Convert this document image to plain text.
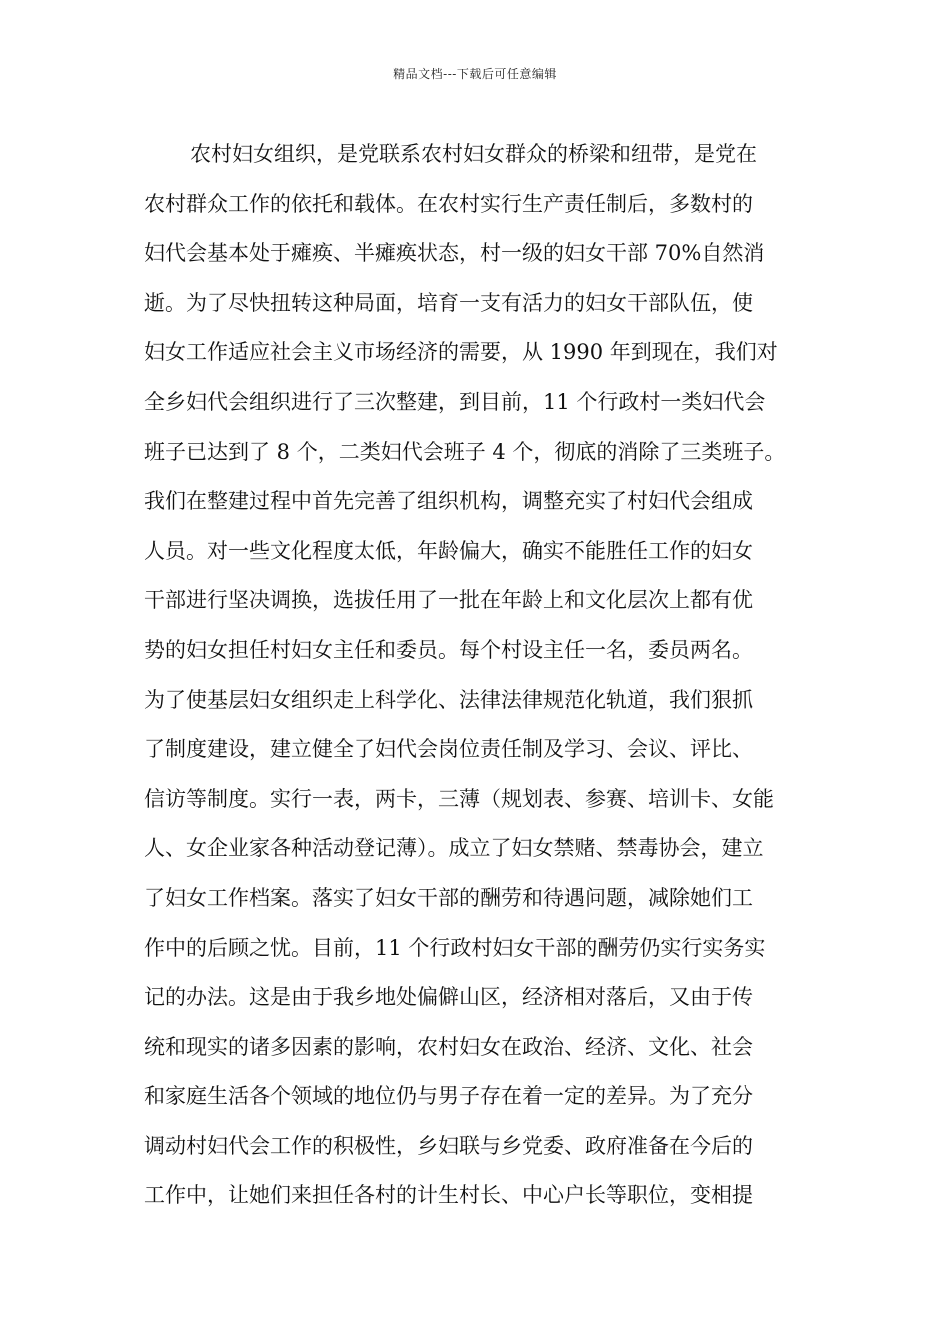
精品文档---下载后可任意编辑
农村妇女组织，是党联系农村妇女群众的桥梁和纽带，是党在
农村群众工作的依托和载体。在农村实行生产责任制后，多数村的
妇代会基本处于瘫痪、半瘫痪状态，村一级的妇女干部 70%自然消
逝。为了尽快扭转这种局面，培育一支有活力的妇女干部队伍，使
妇女工作适应社会主义市场经济的需要，从 1990 年到现在，我们对
全乡妇代会组织进行了三次整建，到目前，11 个行政村一类妇代会
班子已达到了 8 个，二类妇代会班子 4 个，彻底的消除了三类班子。
我们在整建过程中首先完善了组织机构，调整充实了村妇代会组成
人员。对一些文化程度太低，年龄偏大，确实不能胜任工作的妇女
干部进行坚决调换，选拔任用了一批在年龄上和文化层次上都有优
势的妇女担任村妇女主任和委员。每个村设主任一名，委员两名。
为了使基层妇女组织走上科学化、法律法律规范化轨道，我们狠抓
了制度建设，建立健全了妇代会岗位责任制及学习、会议、评比、
信访等制度。实行一表，两卡，三薄（规划表、参赛、培训卡、女能
人、女企业家各种活动登记薄）。成立了妇女禁赌、禁毒协会，建立
了妇女工作档案。落实了妇女干部的酬劳和待遇问题，减除她们工
作中的后顾之忧。目前，11 个行政村妇女干部的酬劳仍实行实务实
记的办法。这是由于我乡地处偏僻山区，经济相对落后，又由于传
统和现实的诸多因素的影响，农村妇女在政治、经济、文化、社会
和家庭生活各个领域的地位仍与男子存在着一定的差异。为了充分
调动村妇代会工作的积极性，乡妇联与乡党委、政府准备在今后的
工作中，让她们来担任各村的计生村长、中心户长等职位，变相提
